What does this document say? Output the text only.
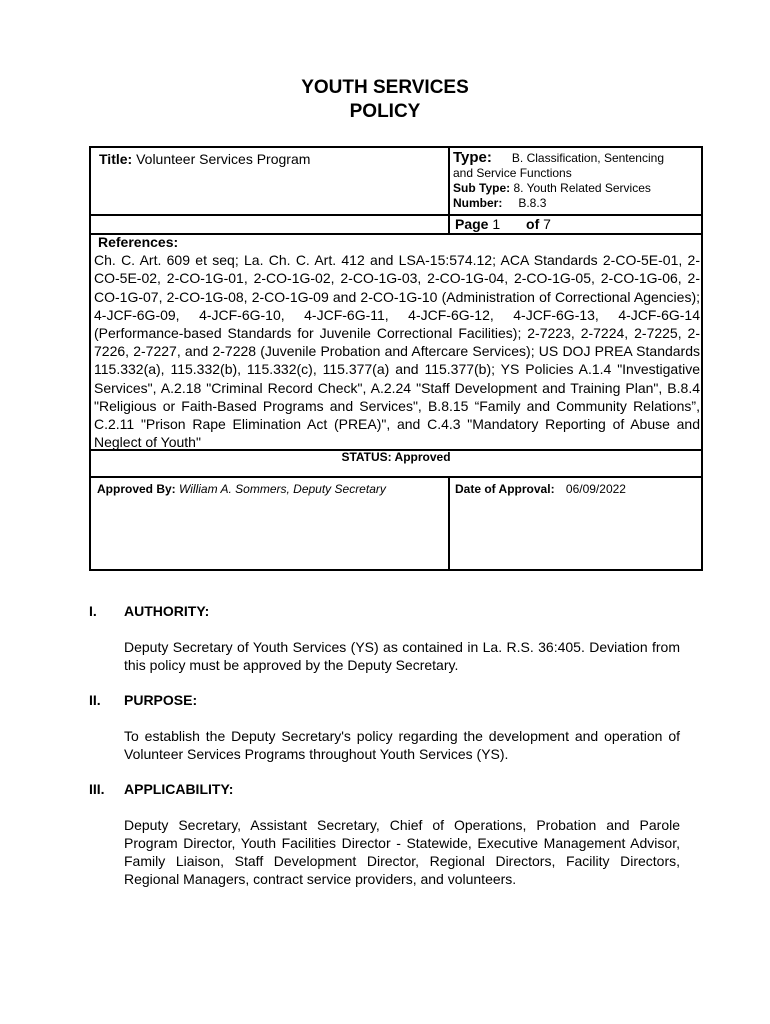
YOUTH SERVICES
POLICY
Title: Volunteer Services Program	Type: B. Classification, Sentencing
and Service Functions
Sub Type: 8. Youth Related Services
Number: B.8.3
Page 1 of 7
Approved By: William A. Sommers, Deputy Secretary	Date of Approval: 06/09/2022
References:
Ch. C. Art. 609 et seq; La. Ch. C. Art. 412 and LSA-15:574.12; ACA Standards 2-CO-5E-01, 2-CO-5E-02, 2-CO-1G-01, 2-CO-1G-02, 2-CO-1G-03, 2-CO-1G-04, 2-CO-1G-05, 2-CO-1G-06, 2-CO-1G-07, 2-CO-1G-08, 2-CO-1G-09 and 2-CO-1G-10 (Administration of Correctional Agencies); 4-JCF-6G-09, 4-JCF-6G-10, 4-JCF-6G-11, 4-JCF-6G-12, 4-JCF-6G-13, 4-JCF-6G-14 (Performance-based Standards for Juvenile Correctional Facilities); 2-7223, 2-7224, 2-7225, 2-7226, 2-7227, and 2-7228 (Juvenile Probation and Aftercare Services); US DOJ PREA Standards 115.332(a), 115.332(b), 115.332(c), 115.377(a) and 115.377(b); YS Policies A.1.4 "Investigative Services", A.2.18 "Criminal Record Check", A.2.24 "Staff Development and Training Plan", B.8.4 "Religious or Faith-Based Programs and Services", B.8.15 “Family and Community Relations”, C.2.11 "Prison Rape Elimination Act (PREA)", and C.4.3 "Mandatory Reporting of Abuse and Neglect of Youth"
STATUS: Approved
I. AUTHORITY:
Deputy Secretary of Youth Services (YS) as contained in La. R.S. 36:405. Deviation from this policy must be approved by the Deputy Secretary.
II. PURPOSE:
To establish the Deputy Secretary's policy regarding the development and operation of Volunteer Services Programs throughout Youth Services (YS).
III. APPLICABILITY:
Deputy Secretary, Assistant Secretary, Chief of Operations, Probation and Parole Program Director, Youth Facilities Director - Statewide, Executive Management Advisor, Family Liaison, Staff Development Director, Regional Directors, Facility Directors, Regional Managers, contract service providers, and volunteers.
